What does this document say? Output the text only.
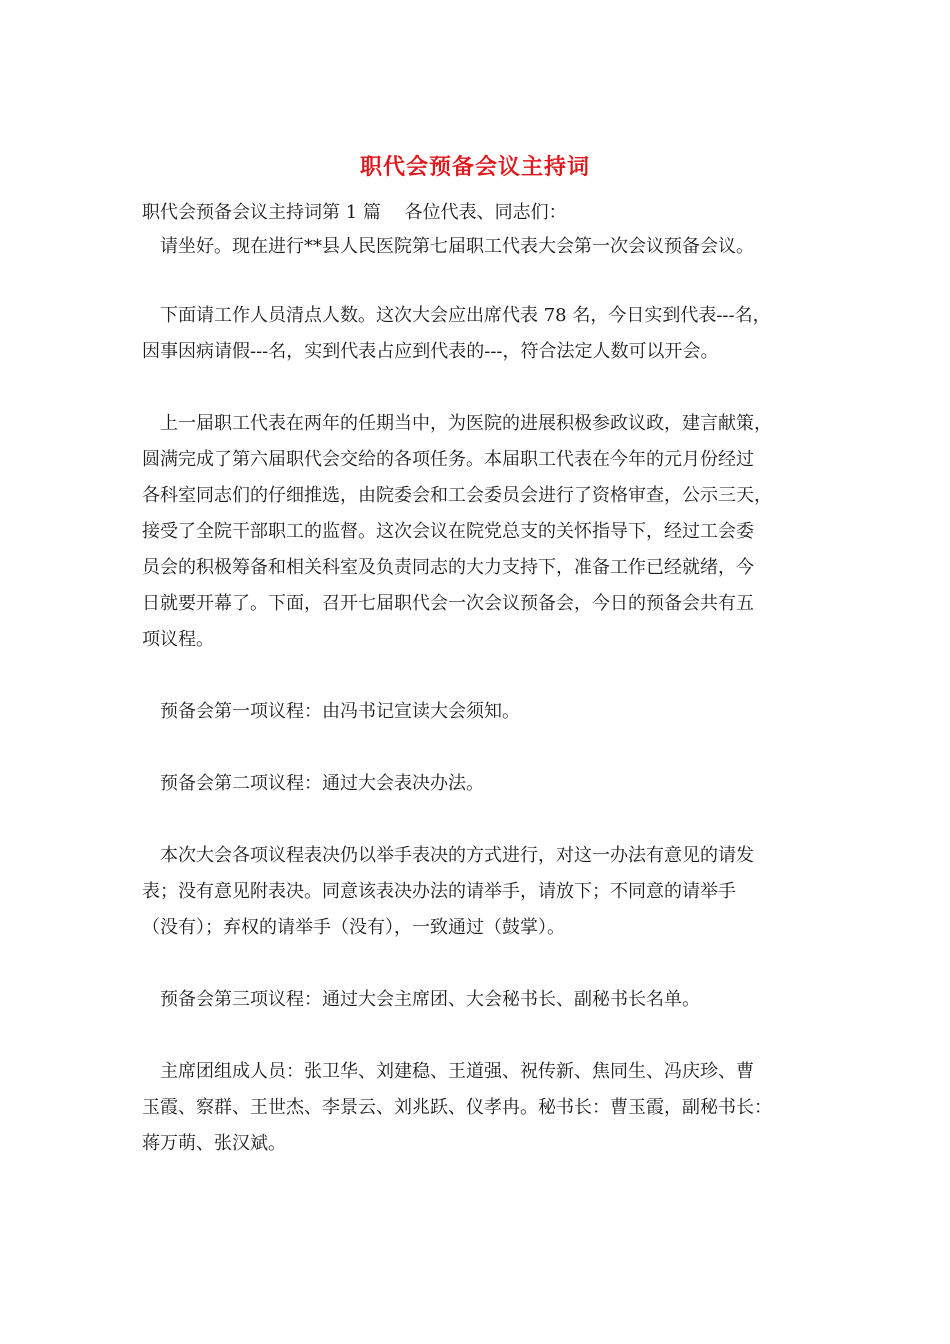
职代会预备会议主持词
职代会预备会议主持词第 1 篇　 各位代表、同志们：
　请坐好。现在进行**县人民医院第七届职工代表大会第一次会议预备会议。
　下面请工作人员清点人数。这次大会应出席代表 78 名，今日实到代表---名，
因事因病请假---名，实到代表占应到代表的---，符合法定人数可以开会。
　上一届职工代表在两年的任期当中，为医院的进展积极参政议政，建言献策，
圆满完成了第六届职代会交给的各项任务。本届职工代表在今年的元月份经过
各科室同志们的仔细推选，由院委会和工会委员会进行了资格审查，公示三天，
接受了全院干部职工的监督。这次会议在院党总支的关怀指导下，经过工会委
员会的积极筹备和相关科室及负责同志的大力支持下，准备工作已经就绪，今
日就要开幕了。下面，召开七届职代会一次会议预备会，今日的预备会共有五
项议程。
　预备会第一项议程：由冯书记宣读大会须知。
　预备会第二项议程：通过大会表决办法。
　本次大会各项议程表决仍以举手表决的方式进行，对这一办法有意见的请发
表；没有意见附表决。同意该表决办法的请举手，请放下；不同意的请举手
（没有）；弃权的请举手（没有），一致通过（鼓掌）。
　预备会第三项议程：通过大会主席团、大会秘书长、副秘书长名单。
　主席团组成人员：张卫华、刘建稳、王道强、祝传新、焦同生、冯庆珍、曹
玉霞、察群、王世杰、李景云、刘兆跃、仪孝冉。秘书长：曹玉霞，副秘书长：
蒋万萌、张汉斌。
